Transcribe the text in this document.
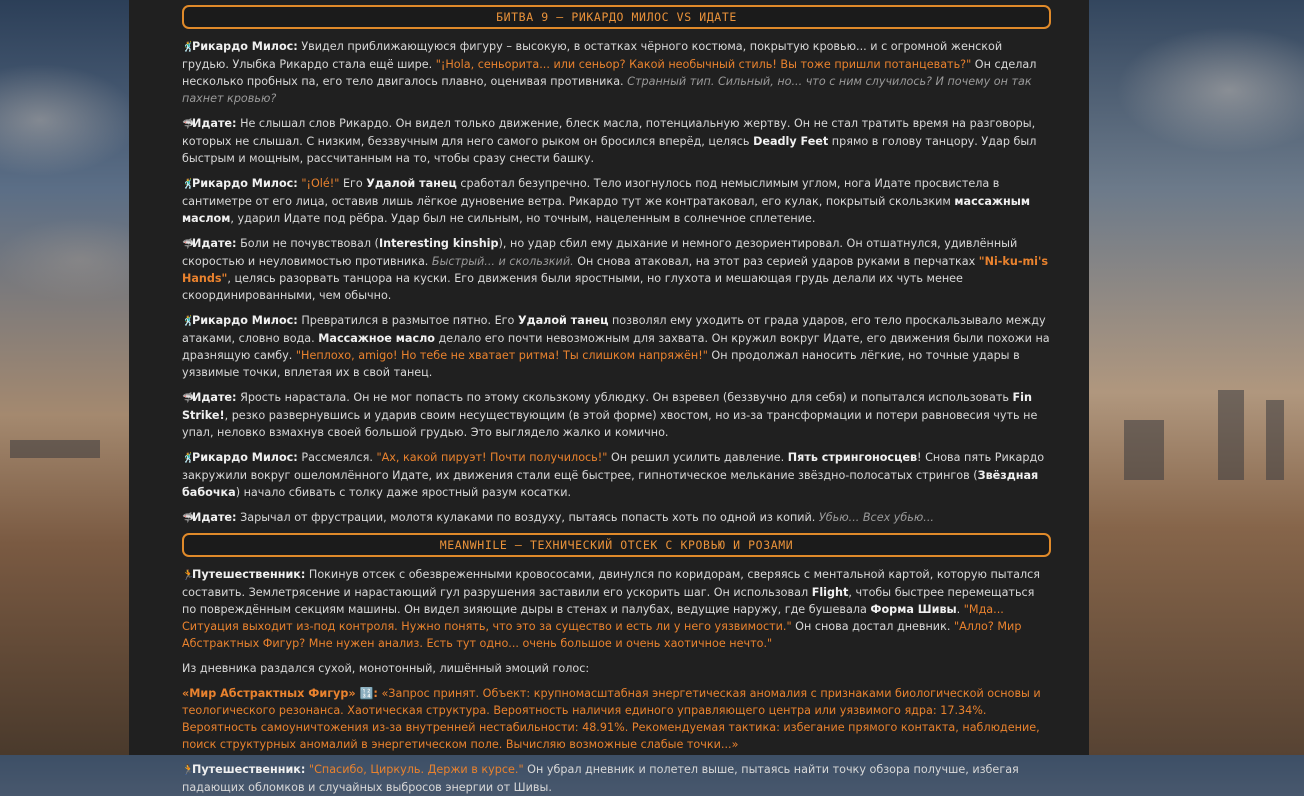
БИТВА 9 – РИКАРДО МИЛОС VS ИДАТЕ

🕺Рикардо Милос: Увидел приближающуюся фигуру – высокую, в остатках чёрного костюма, покрытую кровью... и с огромной женской грудью. Улыбка Рикардо стала ещё шире. "¡Hola, сеньорита... или сеньор? Какой необычный стиль! Вы тоже пришли потанцевать?" Он сделал несколько пробных па, его тело двигалось плавно, оценивая противника. Странный тип. Сильный, но... что с ним случилось? И почему он так пахнет кровью?

🦈Идате: Не слышал слов Рикардо. Он видел только движение, блеск масла, потенциальную жертву. Он не стал тратить время на разговоры, которых не слышал. С низким, беззвучным для него самого рыком он бросился вперёд, целясь Deadly Feet прямо в голову танцору. Удар был быстрым и мощным, рассчитанным на то, чтобы сразу снести башку.

🕺Рикардо Милос: "¡Olé!" Его Удалой танец сработал безупречно. Тело изогнулось под немыслимым углом, нога Идате просвистела в сантиметре от его лица, оставив лишь лёгкое дуновение ветра. Рикардо тут же контратаковал, его кулак, покрытый скользким массажным маслом, ударил Идате под рёбра. Удар был не сильным, но точным, нацеленным в солнечное сплетение.

🦈Идате: Боли не почувствовал (Interesting kinship), но удар сбил ему дыхание и немного дезориентировал. Он отшатнулся, удивлённый скоростью и неуловимостью противника. Быстрый... и скользкий. Он снова атаковал, на этот раз серией ударов руками в перчатках "Ni-ku-mi's Hands", целясь разорвать танцора на куски. Его движения были яростными, но глухота и мешающая грудь делали их чуть менее скоординированными, чем обычно.

🕺Рикардо Милос: Превратился в размытое пятно. Его Удалой танец позволял ему уходить от града ударов, его тело проскальзывало между атаками, словно вода. Массажное масло делало его почти невозможным для захвата. Он кружил вокруг Идате, его движения были похожи на дразнящую самбу. "Неплохо, amigo! Но тебе не хватает ритма! Ты слишком напряжён!" Он продолжал наносить лёгкие, но точные удары в уязвимые точки, вплетая их в свой танец.

🦈Идате: Ярость нарастала. Он не мог попасть по этому скользкому ублюдку. Он взревел (беззвучно для себя) и попытался использовать Fin Strike!, резко развернувшись и ударив своим несуществующим (в этой форме) хвостом, но из-за трансформации и потери равновесия чуть не упал, неловко взмахнув своей большой грудью. Это выглядело жалко и комично.

🕺Рикардо Милос: Рассмеялся. "Ах, какой пируэт! Почти получилось!" Он решил усилить давление. Пять стрингоносцев! Снова пять Рикардо закружили вокруг ошеломлённого Идате, их движения стали ещё быстрее, гипнотическое мелькание звёздно-полосатых стрингов (Звёздная бабочка) начало сбивать с толку даже яростный разум косатки.

🦈Идате: Зарычал от фрустрации, молотя кулаками по воздуху, пытаясь попасть хоть по одной из копий. Убью... Всех убью...

MEANWHILE – ТЕХНИЧЕСКИЙ ОТСЕК С КРОВЬЮ И РОЗАМИ

🏃Путешественник: Покинув отсек с обезвреженными кровососами, двинулся по коридорам, сверяясь с ментальной картой, которую пытался составить. Землетрясение и нарастающий гул разрушения заставили его ускорить шаг. Он использовал Flight, чтобы быстрее перемещаться по повреждённым секциям машины. Он видел зияющие дыры в стенах и палубах, ведущие наружу, где бушевала Форма Шивы. "Мда... Ситуация выходит из-под контроля. Нужно понять, что это за существо и есть ли у него уязвимости." Он снова достал дневник. "Алло? Мир Абстрактных Фигур? Мне нужен анализ. Есть тут одно... очень большое и очень хаотичное нечто."

Из дневника раздался сухой, монотонный, лишённый эмоций голос:

«Мир Абстрактных Фигур» 🔢: «Запрос принят. Объект: крупномасштабная энергетическая аномалия с признаками биологической основы и теологического резонанса. Хаотическая структура. Вероятность наличия единого управляющего центра или уязвимого ядра: 17.34%. Вероятность самоуничтожения из-за внутренней нестабильности: 48.91%. Рекомендуемая тактика: избегание прямого контакта, наблюдение, поиск структурных аномалий в энергетическом поле. Вычисляю возможные слабые точки...»

🏃Путешественник: "Спасибо, Циркуль. Держи в курсе." Он убрал дневник и полетел выше, пытаясь найти точку обзора получше, избегая падающих обломков и случайных выбросов энергии от Шивы.
